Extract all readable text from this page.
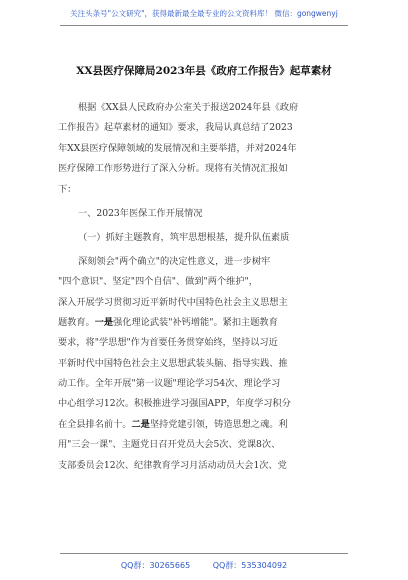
关注头条号"公文研究"，获得最新最全最专业的公文资料库！ 微信：gongwenyj
XX县医疗保障局2023年县《政府工作报告》起草素材
根据《XX县人民政府办公室关于报送2024年县《政府
工作报告》起草素材的通知》要求，我局认真总结了2023
年XX县医疗保障领域的发展情况和主要举措，并对2024年
医疗保障工作形势进行了深入分析。现将有关情况汇报如
下：
一、2023年医保工作开展情况
（一）抓好主题教育，筑牢思想根基，提升队伍素质
深刻领会"两个确立"的决定性意义，进一步树牢
"四个意识"、坚定"四个自信"、做到"两个维护"，
深入开展学习贯彻习近平新时代中国特色社会主义思想主
题教育。一是强化理论武装"补钙增能"。紧扣主题教育
要求，将"学思想"作为首要任务贯穿始终，坚持以习近
平新时代中国特色社会主义思想武装头脑、指导实践、推
动工作。全年开展"第一议题"理论学习54次、理论学习
中心组学习12次。积极推进学习强国APP，年度学习积分
在全县排名前十。二是坚持党建引领，铸造思想之魂。利
用"三会一课"、主题党日召开党员大会5次、党课8次、
支部委员会12次、纪律教育学习月活动动员大会1次、党
QQ群：30265665	QQ群：535304092
